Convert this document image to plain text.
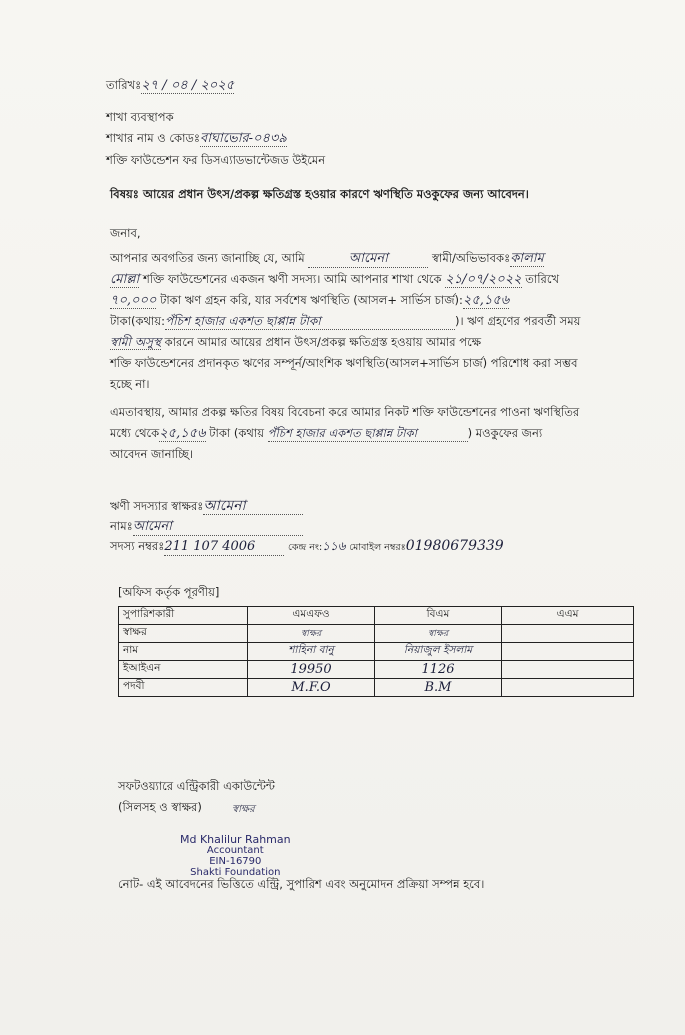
তারিখঃ২৭ / ০৪ / ২০২৫
শাখা ব্যবস্থাপক
শাখার নাম ও কোডঃবাঘাভোর-০৪৩৯
শক্তি ফাউন্ডেশন ফর ডিসএ্যাডভান্টেজড উইমেন
বিষয়ঃ আয়ের প্রধান উৎস/প্রকল্প ক্ষতিগ্রস্ত হওয়ার কারণে ঋণস্থিতি মওকুফের জন্য আবেদন।
জনাব,
আপনার অবগতির জন্য জানাচ্ছি যে, আমি	আমেনা	স্বামী/অভিভাবকঃকালাম
মোল্লা শক্তি ফাউন্ডেশনের একজন ঋণী সদস্য। আমি আপনার শাখা থেকে ২১/০৭/২০২২ তারিখে
৭০,০০০ টাকা ঋণ গ্রহন করি, যার সর্বশেষ ঋণস্থিতি (আসল+ সার্ভিস চার্জ):২৫,১৫৬
টাকা(কথায়:পঁচিশ হাজার একশত ছাপ্পান্ন টাকা	)। ঋণ গ্রহণের পরবর্তী সময়
স্বামী অসুস্থ কারনে আমার আয়ের প্রধান উৎস/প্রকল্প ক্ষতিগ্রস্ত হওয়ায় আমার পক্ষে
শক্তি ফাউন্ডেশনের প্রদানকৃত ঋণের সম্পূর্ন/আংশিক ঋণস্থিতি(আসল+সার্ভিস চার্জ) পরিশোধ করা সম্ভব
হচ্ছে না।
এমতাবস্থায়, আমার প্রকল্প ক্ষতির বিষয় বিবেচনা করে আমার নিকট শক্তি ফাউন্ডেশনের পাওনা ঋণস্থিতির
মধ্যে থেকে২৫,১৫৬ টাকা (কথায় পঁচিশ হাজার একশত ছাপ্পান্ন টাকা	) মওকুফের জন্য
আবেদন জানাচ্ছি।
ঋণী সদস্যার স্বাক্ষরঃআমেনা
নামঃআমেনা
সদস্য নম্বরঃ211 107 4006	কেন্দ্র নং:১১৬ মোবাইল নম্বরঃ01980679339
[অফিস কর্তৃক পূরণীয়]
সুপারিশকারী	এমএফও	বিএম	এএম
স্বাক্ষর	স্বাক্ষর	স্বাক্ষর	
নাম	শাহিনা বানু	নিয়াজুল ইসলাম	
ইআইএন	19950	1126	
পদবী	M.F.O	B.M	
সফটওয়্যারে এন্ট্রিকারী একাউন্টেন্ট
(সিলসহ ও স্বাক্ষর)	স্বাক্ষর
Md Khalilur Rahman
Accountant
EIN-16790
Shakti Foundation
নোট- এই আবেদনের ভিত্তিতে এন্ট্রি, সুপারিশ এবং অনুমোদন প্রক্রিয়া সম্পন্ন হবে।
